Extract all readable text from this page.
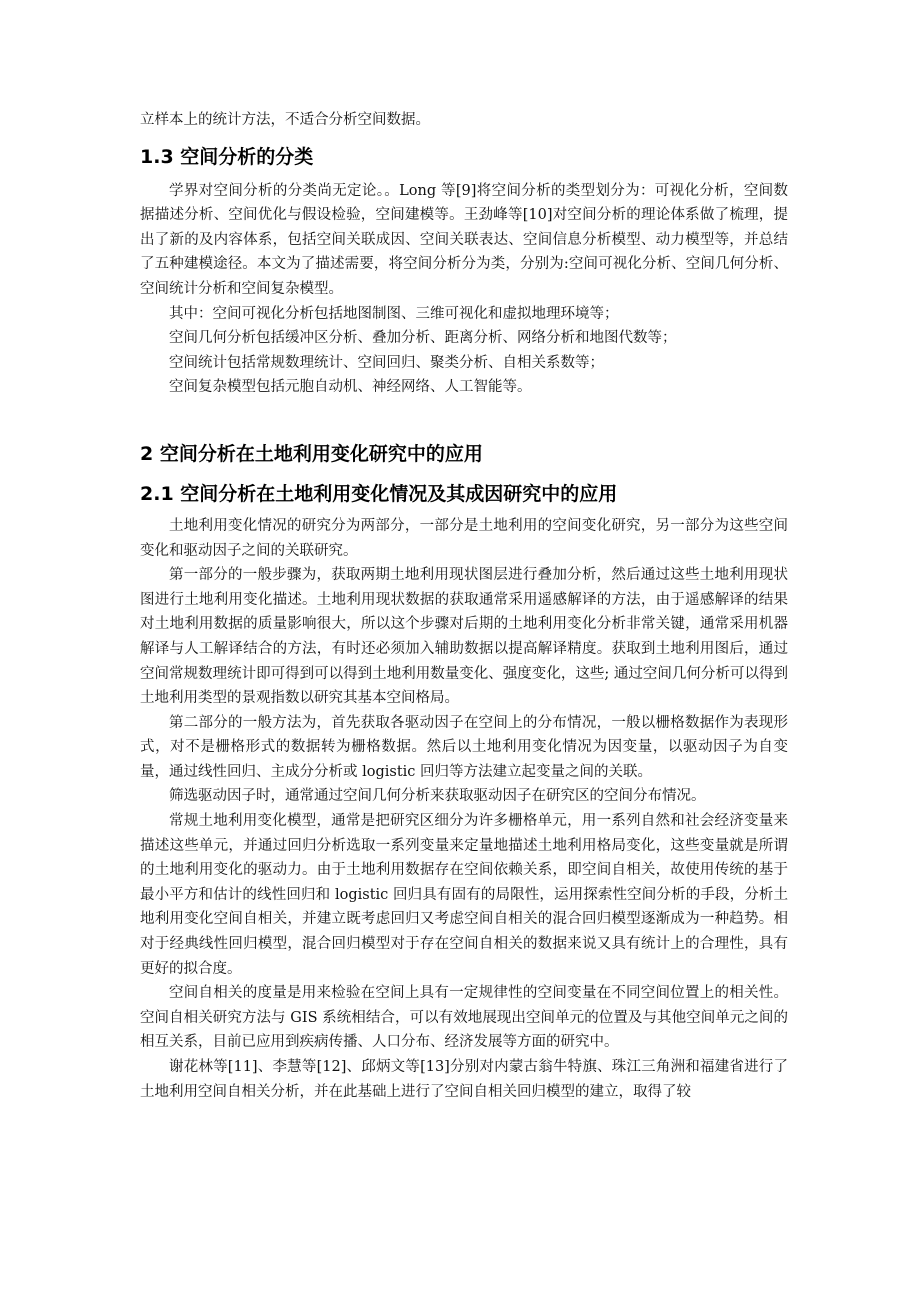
立样本上的统计方法，不适合分析空间数据。

1.3 空间分析的分类

学界对空间分析的分类尚无定论。。Long 等[9]将空间分析的类型划分为：可视化分析，空间数据描述分析、空间优化与假设检验，空间建模等。王劲峰等[10]对空间分析的理论体系做了梳理，提出了新的及内容体系，包括空间关联成因、空间关联表达、空间信息分析模型、动力模型等，并总结了五种建模途径。本文为了描述需要，将空间分析分为类，分别为:空间可视化分析、空间几何分析、空间统计分析和空间复杂模型。

其中：空间可视化分析包括地图制图、三维可视化和虚拟地理环境等；

空间几何分析包括缓冲区分析、叠加分析、距离分析、网络分析和地图代数等；

空间统计包括常规数理统计、空间回归、聚类分析、自相关系数等；

空间复杂模型包括元胞自动机、神经网络、人工智能等。

2 空间分析在土地利用变化研究中的应用
2.1 空间分析在土地利用变化情况及其成因研究中的应用

土地利用变化情况的研究分为两部分，一部分是土地利用的空间变化研究，另一部分为这些空间变化和驱动因子之间的关联研究。

第一部分的一般步骤为，获取两期土地利用现状图层进行叠加分析，然后通过这些土地利用现状图进行土地利用变化描述。土地利用现状数据的获取通常采用遥感解译的方法，由于遥感解译的结果对土地利用数据的质量影响很大，所以这个步骤对后期的土地利用变化分析非常关键，通常采用机器解译与人工解译结合的方法，有时还必须加入辅助数据以提高解译精度。获取到土地利用图后，通过空间常规数理统计即可得到可以得到土地利用数量变化、强度变化，这些; 通过空间几何分析可以得到土地利用类型的景观指数以研究其基本空间格局。

第二部分的一般方法为，首先获取各驱动因子在空间上的分布情况，一般以栅格数据作为表现形式，对不是栅格形式的数据转为栅格数据。然后以土地利用变化情况为因变量，以驱动因子为自变量，通过线性回归、主成分分析或 logistic 回归等方法建立起变量之间的关联。

筛选驱动因子时，通常通过空间几何分析来获取驱动因子在研究区的空间分布情况。

常规土地利用变化模型，通常是把研究区细分为许多栅格单元，用一系列自然和社会经济变量来描述这些单元，并通过回归分析选取一系列变量来定量地描述土地利用格局变化，这些变量就是所谓的土地利用变化的驱动力。由于土地利用数据存在空间依赖关系，即空间自相关，故使用传统的基于最小平方和估计的线性回归和 logistic 回归具有固有的局限性，运用探索性空间分析的手段，分析土地利用变化空间自相关，并建立既考虑回归又考虑空间自相关的混合回归模型逐渐成为一种趋势。相对于经典线性回归模型，混合回归模型对于存在空间自相关的数据来说又具有统计上的合理性，具有更好的拟合度。

空间自相关的度量是用来检验在空间上具有一定规律性的空间变量在不同空间位置上的相关性。空间自相关研究方法与 GIS 系统相结合，可以有效地展现出空间单元的位置及与其他空间单元之间的相互关系，目前已应用到疾病传播、人口分布、经济发展等方面的研究中。

谢花林等[11]、李慧等[12]、邱炳文等[13]分别对内蒙古翁牛特旗、珠江三角洲和福建省进行了土地利用空间自相关分析，并在此基础上进行了空间自相关回归模型的建立，取得了较
